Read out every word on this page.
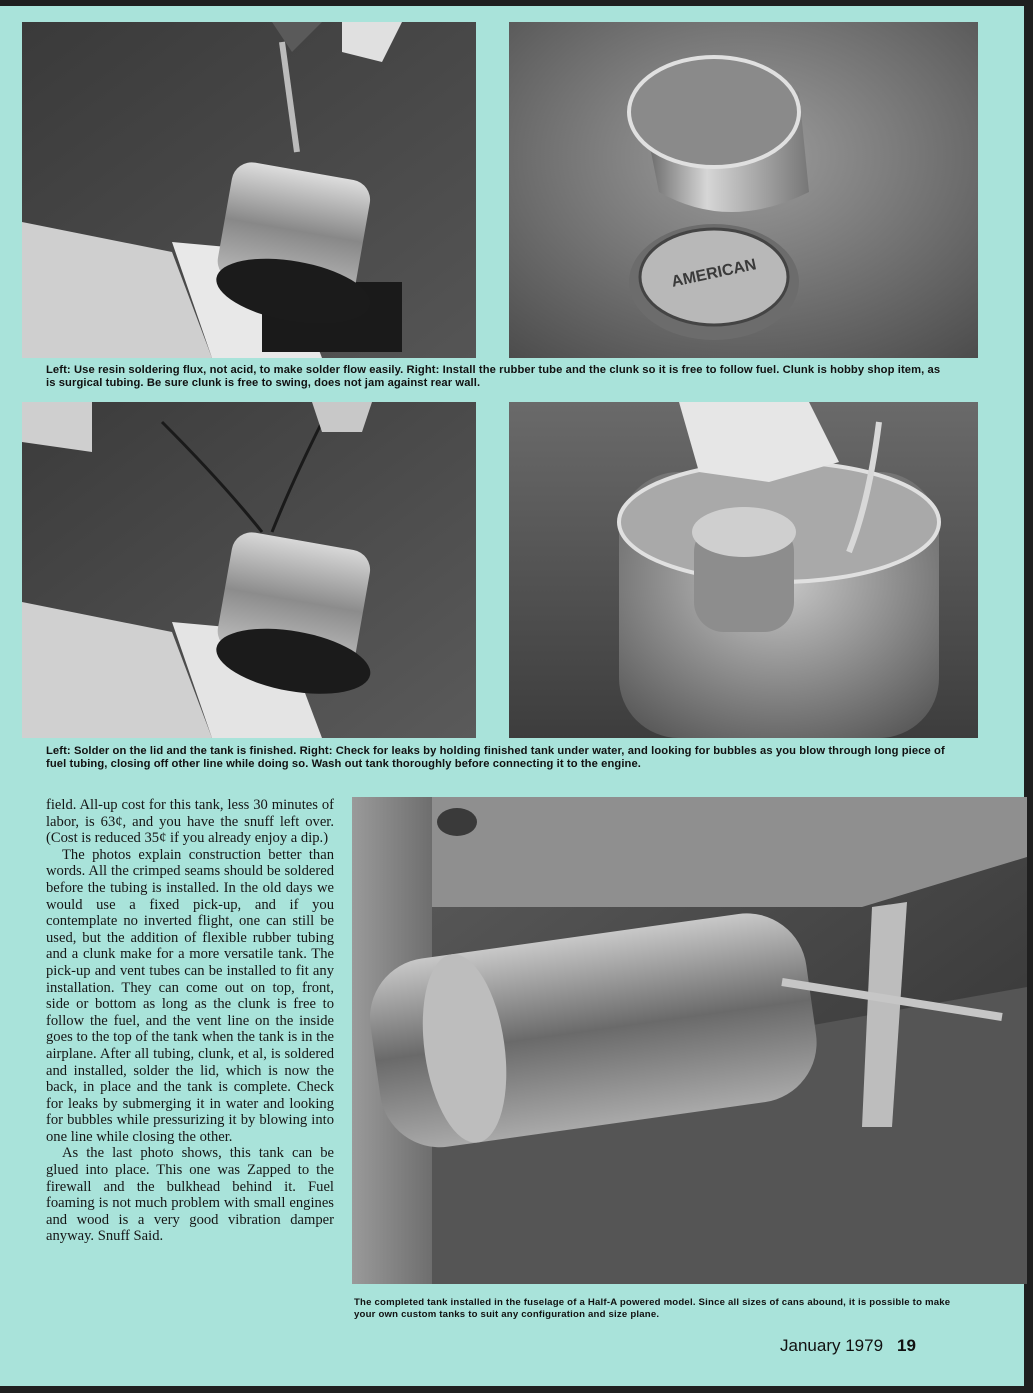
AMERICAN
Left: Use resin soldering flux, not acid, to make solder flow easily. Right: Install the rubber tube and the clunk so it is free to follow fuel. Clunk is hobby shop item, as is surgical tubing. Be sure clunk is free to swing, does not jam against rear wall.
Left: Solder on the lid and the tank is finished. Right: Check for leaks by holding finished tank under water, and looking for bubbles as you blow through long piece of fuel tubing, closing off other line while doing so. Wash out tank thoroughly before connecting it to the engine.
The completed tank installed in the fuselage of a Half-A powered model. Since all sizes of cans abound, it is possible to make your own custom tanks to suit any configuration and size plane.

field. All-up cost for this tank, less 30 minutes of labor, is 63¢, and you have the snuff left over. (Cost is reduced 35¢ if you already enjoy a dip.)

The photos explain construction better than words. All the crimped seams should be soldered before the tubing is installed. In the old days we would use a fixed pick-up, and if you contemplate no inverted flight, one can still be used, but the addition of flexible rubber tubing and a clunk make for a more versatile tank. The pick-up and vent tubes can be installed to fit any installation. They can come out on top, front, side or bottom as long as the clunk is free to follow the fuel, and the vent line on the inside goes to the top of the tank when the tank is in the airplane. After all tubing, clunk, et al, is soldered and installed, solder the lid, which is now the back, in place and the tank is complete. Check for leaks by submerging it in water and looking for bubbles while pressurizing it by blowing into one line while closing the other.

As the last photo shows, this tank can be glued into place. This one was Zapped to the firewall and the bulkhead behind it. Fuel foaming is not much problem with small engines and wood is a very good vibration damper anyway. Snuff Said.

January 1979 19
